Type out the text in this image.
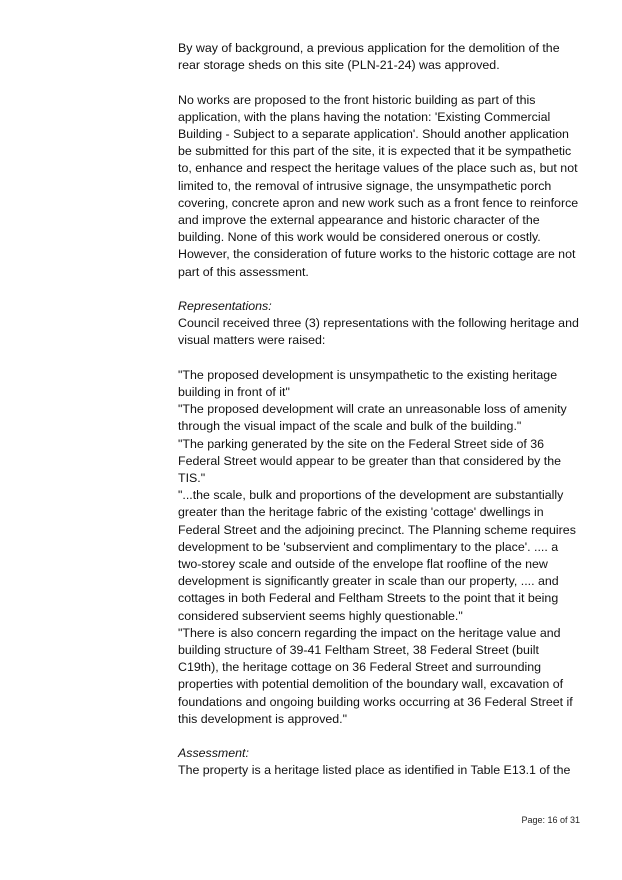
By way of background, a previous application for the demolition of the rear storage sheds on this site (PLN-21-24) was approved.

No works are proposed to the front historic building as part of this application, with the plans having the notation: 'Existing Commercial Building - Subject to a separate application'. Should another application be submitted for this part of the site, it is expected that it be sympathetic to, enhance and respect the heritage values of the place such as, but not limited to, the removal of intrusive signage, the unsympathetic porch covering, concrete apron and new work such as a front fence to reinforce and improve the external appearance and historic character of the building. None of this work would be considered onerous or costly. However, the consideration of future works to the historic cottage are not part of this assessment.

Representations:

Council received three (3) representations with the following heritage and visual matters were raised:

"The proposed development is unsympathetic to the existing heritage building in front of it"

"The proposed development will crate an unreasonable loss of amenity through the visual impact of the scale and bulk of the building."

"The parking generated by the site on the Federal Street side of 36 Federal Street would appear to be greater than that considered by the TIS."

"...the scale, bulk and proportions of the development are substantially greater than the heritage fabric of the existing 'cottage' dwellings in Federal Street and the adjoining precinct. The Planning scheme requires development to be 'subservient and complimentary to the place'. .... a two-storey scale and outside of the envelope flat roofline of the new development is significantly greater in scale than our property, .... and cottages in both Federal and Feltham Streets to the point that it being considered subservient seems highly questionable."

"There is also concern regarding the impact on the heritage value and building structure of 39-41 Feltham Street, 38 Federal Street (built C19th), the heritage cottage on 36 Federal Street and surrounding properties with potential demolition of the boundary wall, excavation of foundations and ongoing building works occurring at 36 Federal Street if this development is approved."

Assessment:

The property is a heritage listed place as identified in Table E13.1 of the

Page: 16 of 31
